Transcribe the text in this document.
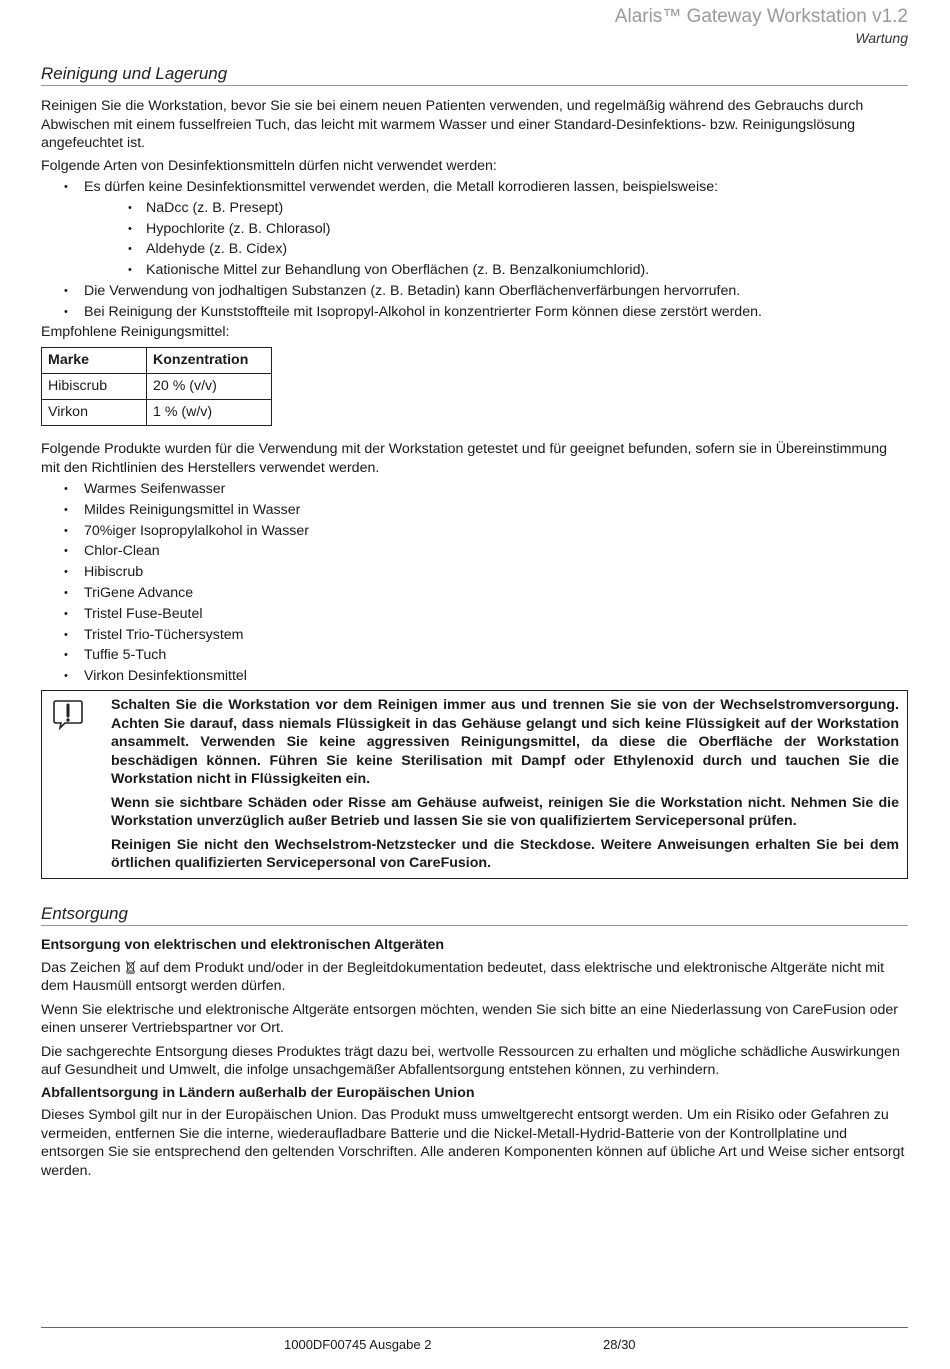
Alaris™ Gateway Workstation v1.2
Wartung
Reinigung und Lagerung

Reinigen Sie die Workstation, bevor Sie sie bei einem neuen Patienten verwenden, und regelmäßig während des Gebrauchs durch Abwischen mit einem fusselfreien Tuch, das leicht mit warmem Wasser und einer Standard-Desinfektions- bzw. Reinigungslösung angefeuchtet ist.

Folgende Arten von Desinfektionsmitteln dürfen nicht verwendet werden:

• Es dürfen keine Desinfektionsmittel verwendet werden, die Metall korrodieren lassen, beispielsweise:
• NaDcc (z. B. Presept)
• Hypochlorite (z. B. Chlorasol)
• Aldehyde (z. B. Cidex)
• Kationische Mittel zur Behandlung von Oberflächen (z. B. Benzalkoniumchlorid).
• Die Verwendung von jodhaltigen Substanzen (z. B. Betadin) kann Oberflächenverfärbungen hervorrufen.
• Bei Reinigung der Kunststoffteile mit Isopropyl-Alkohol in konzentrierter Form können diese zerstört werden.

Empfohlene Reinigungsmittel:

Marke	Konzentration
Hibiscrub	20 % (v/v)
Virkon	1 % (w/v)

Folgende Produkte wurden für die Verwendung mit der Workstation getestet und für geeignet befunden, sofern sie in Übereinstimmung mit den Richtlinien des Herstellers verwendet werden.

• Warmes Seifenwasser
• Mildes Reinigungsmittel in Wasser
• 70%iger Isopropylalkohol in Wasser
• Chlor-Clean
• Hibiscrub
• TriGene Advance
• Tristel Fuse-Beutel
• Tristel Trio-Tüchersystem
• Tuffie 5-Tuch
• Virkon Desinfektionsmittel

Schalten Sie die Workstation vor dem Reinigen immer aus und trennen Sie sie von der Wechselstromversorgung. Achten Sie darauf, dass niemals Flüssigkeit in das Gehäuse gelangt und sich keine Flüssigkeit auf der Workstation ansammelt. Verwenden Sie keine aggressiven Reinigungsmittel, da diese die Oberfläche der Workstation beschädigen können. Führen Sie keine Sterilisation mit Dampf oder Ethylenoxid durch und tauchen Sie die Workstation nicht in Flüssigkeiten ein.

Wenn sie sichtbare Schäden oder Risse am Gehäuse aufweist, reinigen Sie die Workstation nicht. Nehmen Sie die Workstation unverzüglich außer Betrieb und lassen Sie sie von qualifiziertem Servicepersonal prüfen.

Reinigen Sie nicht den Wechselstrom-Netzstecker und die Steckdose. Weitere Anweisungen erhalten Sie bei dem örtlichen qualifizierten Servicepersonal von CareFusion.

Entsorgung

Entsorgung von elektrischen und elektronischen Altgeräten

Das Zeichen auf dem Produkt und/oder in der Begleitdokumentation bedeutet, dass elektrische und elektronische Altgeräte nicht mit dem Hausmüll entsorgt werden dürfen.

Wenn Sie elektrische und elektronische Altgeräte entsorgen möchten, wenden Sie sich bitte an eine Niederlassung von CareFusion oder einen unserer Vertriebspartner vor Ort.

Die sachgerechte Entsorgung dieses Produktes trägt dazu bei, wertvolle Ressourcen zu erhalten und mögliche schädliche Auswirkungen auf Gesundheit und Umwelt, die infolge unsachgemäßer Abfallentsorgung entstehen können, zu verhindern.

Abfallentsorgung in Ländern außerhalb der Europäischen Union

Dieses Symbol gilt nur in der Europäischen Union. Das Produkt muss umweltgerecht entsorgt werden. Um ein Risiko oder Gefahren zu vermeiden, entfernen Sie die interne, wiederaufladbare Batterie und die Nickel-Metall-Hydrid-Batterie von der Kontrollplatine und entsorgen Sie sie entsprechend den geltenden Vorschriften. Alle anderen Komponenten können auf übliche Art und Weise sicher entsorgt werden.

1000DF00745 Ausgabe 2	28/30
